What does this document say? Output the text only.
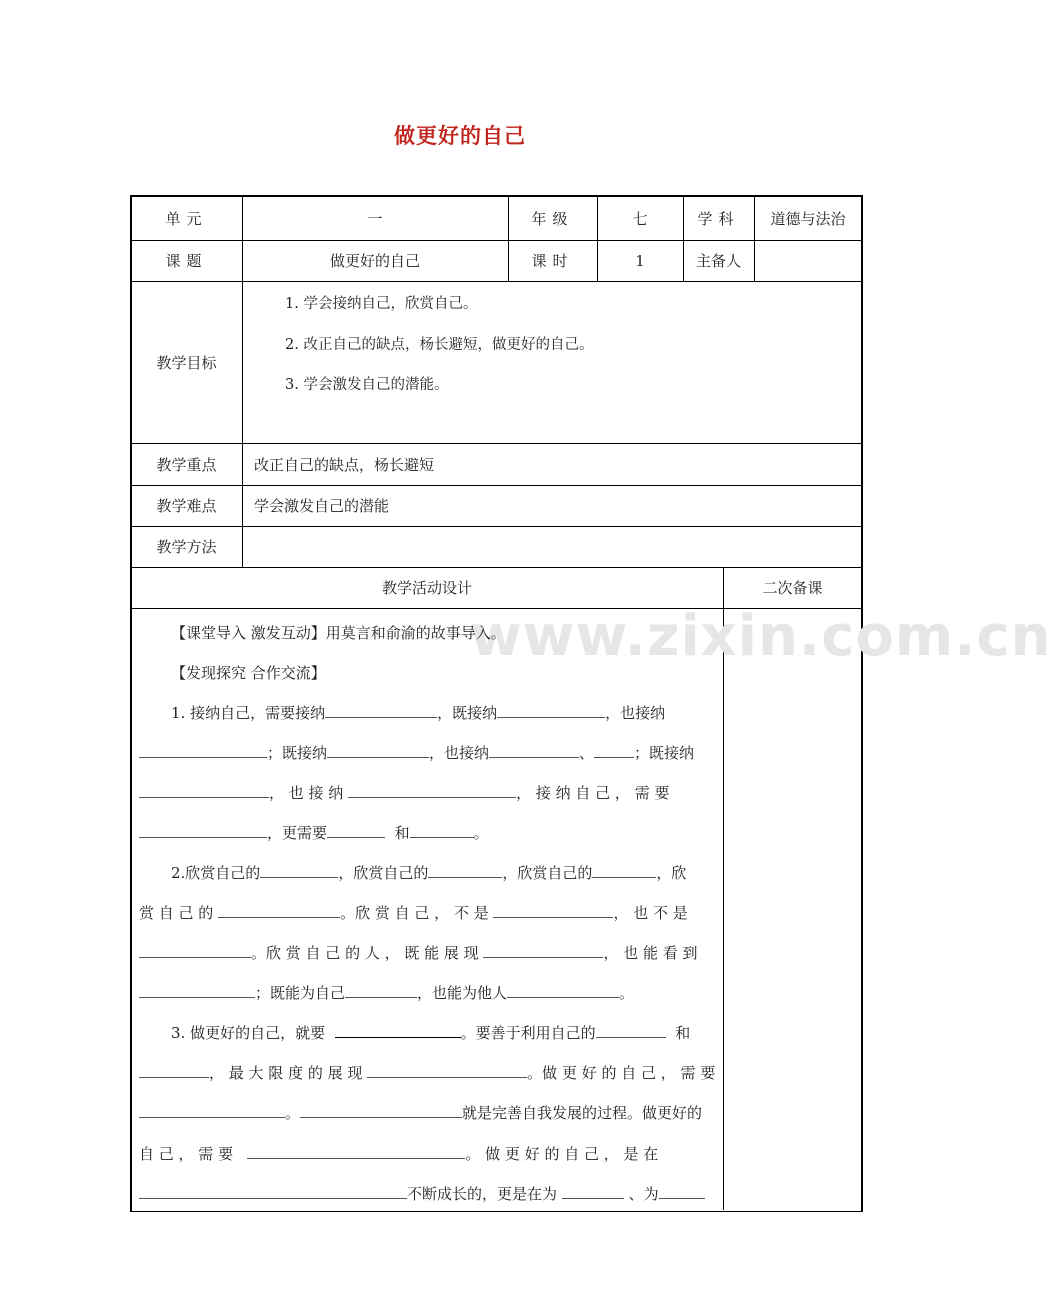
做更好的自己
单元	一	年级	七	学科	道德与法治
课题	做更好的自己	课时	1	主备人
教学目标
1. 学会接纳自己，欣赏自己。
2. 改正自己的缺点，杨长避短，做更好的自己。
3. 学会激发自己的潜能。
教学重点	改正自己的缺点，杨长避短
教学难点	学会激发自己的潜能
教学方法
教学活动设计	二次备课
www.zixin.com.cn
【课堂导入 激发互动】用莫言和俞渝的故事导入。
【发现探究 合作交流】
1. 接纳自己，需要接纳	，既接纳	，也接纳
；既接纳	，也接纳	、	；既接纳
， 也 接 纳	， 接 纳 自 己 ， 需 要
，更需要	和	。
2.欣赏自己的	，欣赏自己的	，欣赏自己的	，欣
赏 自 己 的	。欣 赏 自 己 ， 不 是	， 也 不 是
。欣 赏 自 己 的 人 ， 既 能 展 现	， 也 能 看 到
；既能为自己	，也能为他人	。
3. 做更好的自己，就要	。要善于利用自己的	和
， 最 大 限 度 的 展 现	。做 更 好 的 自 己 ， 需 要
。	就是完善自我发展的过程。做更好的
自 己 ， 需 要	。 做 更 好 的 自 己 ， 是 在
不断成长的，更是在为	、为
